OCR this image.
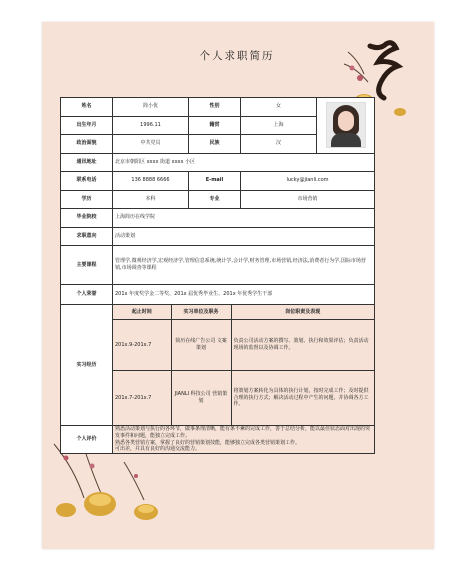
个人求职简历
姓名	简小优	性别	女	

出生年月	1996.11	籍贯	上海
政治面貌	中共党员	民族	汉
通讯地址	北京市朝阳区 xxxx 街道 xxxx 小区
联系电话	136 8888 6666	E-mail	lucky@jianli.com
学历	本科	专业	市场营销
毕业院校	上海简历在线学院
求职意向	活动策划
主要课程	管理学,微观经济学,宏观经济学,管理信息系统,统计学,会计学,财务管理,市场营销,经济法,消费者行为学,国际市场营销,市场调查等课程
个人荣誉	201x 年度奖学金二等奖、201x 届优秀毕业生、201x 年优秀学生干部
实习经历	
起止时间	实习单位及职务	岗位职责及表现
201x.9-201x.7	简历在线广告公司 文案策划	负责公司活动方案的撰写、策划、执行和效果评估；负责活动现场的监督以及协调工作。
201x.7-201x.7	JIANLI 科技公司 营销策划	将策划方案转化为具体的执行计划，按时完成工作；及时提供合理的执行方式；解决活动过程中产生的问题，并协调各方工作。

个人评价	

熟悉活动策划与执行的各环节，做事条理清晰，能有条不紊的完成工作，善于总结分析，能以最佳状态面对出现的突发事件和问题，能独立完成工作。

熟悉各类营销方案，掌握了良好的营销策划技能，能够独立完成各类营销策划工作。

可出差，并具有良好的沟通交流能力。
